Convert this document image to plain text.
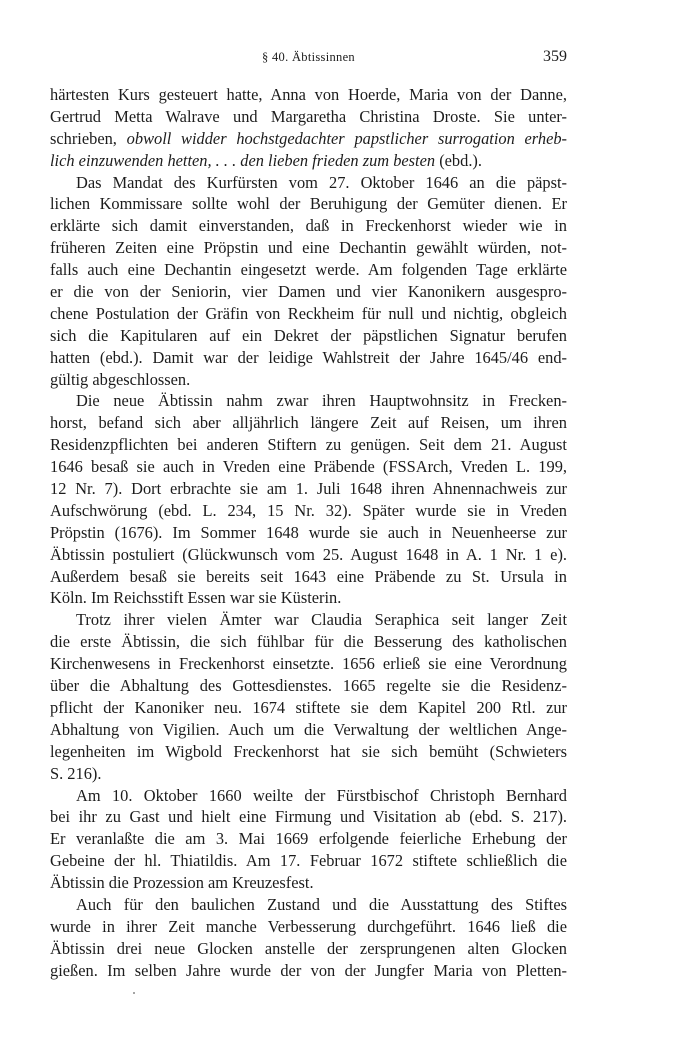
§ 40. Äbtissinnen	359
härtesten Kurs gesteuert hatte, Anna von Hoerde, Maria von der Danne,
Gertrud Metta Walrave und Margaretha Christina Droste. Sie unter-
schrieben, obwoll widder hochstgedachter papstlicher surrogation erheb-
lich einzuwenden hetten, . . . den lieben frieden zum besten (ebd.).
Das Mandat des Kurfürsten vom 27. Oktober 1646 an die päpst-
lichen Kommissare sollte wohl der Beruhigung der Gemüter dienen. Er
erklärte sich damit einverstanden, daß in Freckenhorst wieder wie in
früheren Zeiten eine Pröpstin und eine Dechantin gewählt würden, not-
falls auch eine Dechantin eingesetzt werde. Am folgenden Tage erklärte
er die von der Seniorin, vier Damen und vier Kanonikern ausgespro-
chene Postulation der Gräfin von Reckheim für null und nichtig, obgleich
sich die Kapitularen auf ein Dekret der päpstlichen Signatur berufen
hatten (ebd.). Damit war der leidige Wahlstreit der Jahre 1645/46 end-
gültig abgeschlossen.
Die neue Äbtissin nahm zwar ihren Hauptwohnsitz in Frecken-
horst, befand sich aber alljährlich längere Zeit auf Reisen, um ihren
Residenzpflichten bei anderen Stiftern zu genügen. Seit dem 21. August
1646 besaß sie auch in Vreden eine Präbende (FSSArch, Vreden L. 199,
12 Nr. 7). Dort erbrachte sie am 1. Juli 1648 ihren Ahnennachweis zur
Aufschwörung (ebd. L. 234, 15 Nr. 32). Später wurde sie in Vreden
Pröpstin (1676). Im Sommer 1648 wurde sie auch in Neuenheerse zur
Äbtissin postuliert (Glückwunsch vom 25. August 1648 in A. 1 Nr. 1 e).
Außerdem besaß sie bereits seit 1643 eine Präbende zu St. Ursula in
Köln. Im Reichsstift Essen war sie Küsterin.
Trotz ihrer vielen Ämter war Claudia Seraphica seit langer Zeit
die erste Äbtissin, die sich fühlbar für die Besserung des katholischen
Kirchenwesens in Freckenhorst einsetzte. 1656 erließ sie eine Verordnung
über die Abhaltung des Gottesdienstes. 1665 regelte sie die Residenz-
pflicht der Kanoniker neu. 1674 stiftete sie dem Kapitel 200 Rtl. zur
Abhaltung von Vigilien. Auch um die Verwaltung der weltlichen Ange-
legenheiten im Wigbold Freckenhorst hat sie sich bemüht (Schwieters
S. 216).
Am 10. Oktober 1660 weilte der Fürstbischof Christoph Bernhard
bei ihr zu Gast und hielt eine Firmung und Visitation ab (ebd. S. 217).
Er veranlaßte die am 3. Mai 1669 erfolgende feierliche Erhebung der
Gebeine der hl. Thiatildis. Am 17. Februar 1672 stiftete schließlich die
Äbtissin die Prozession am Kreuzesfest.
Auch für den baulichen Zustand und die Ausstattung des Stiftes
wurde in ihrer Zeit manche Verbesserung durchgeführt. 1646 ließ die
Äbtissin drei neue Glocken anstelle der zersprungenen alten Glocken
gießen. Im selben Jahre wurde der von der Jungfer Maria von Pletten-
